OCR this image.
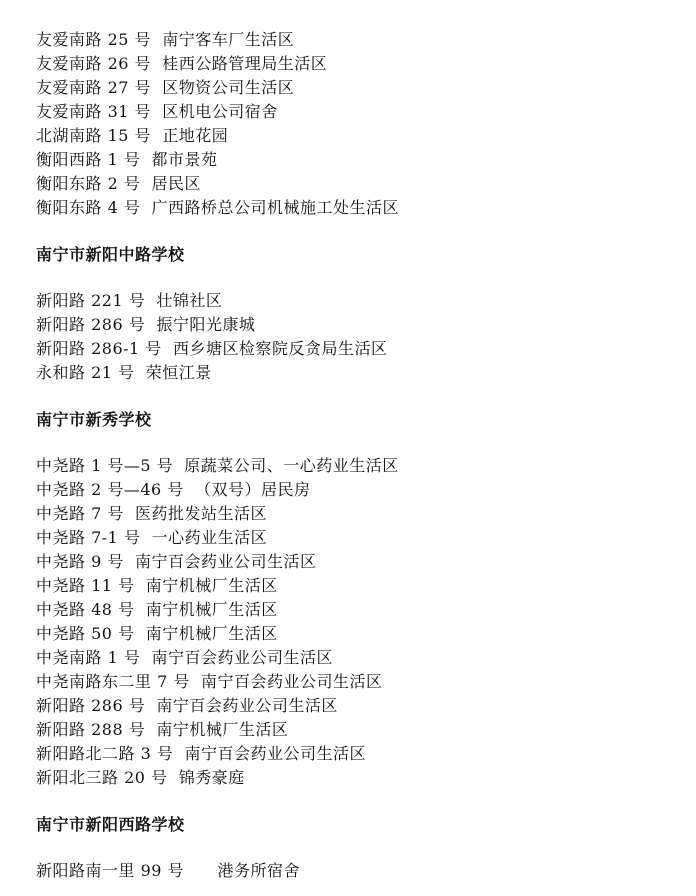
友爱南路 25 号  南宁客车厂生活区
友爱南路 26 号  桂西公路管理局生活区
友爱南路 27 号  区物资公司生活区
友爱南路 31 号  区机电公司宿舍
北湖南路 15 号  正地花园
衡阳西路 1 号  都市景苑
衡阳东路 2 号  居民区
衡阳东路 4 号  广西路桥总公司机械施工处生活区
南宁市新阳中路学校
新阳路 221 号  壮锦社区
新阳路 286 号  振宁阳光康城
新阳路 286-1 号  西乡塘区检察院反贪局生活区
永和路 21 号  荣恒江景
南宁市新秀学校
中尧路 1 号—5 号  原蔬菜公司、一心药业生活区
中尧路 2 号—46 号  （双号）居民房
中尧路 7 号  医药批发站生活区
中尧路 7-1 号  一心药业生活区
中尧路 9 号  南宁百会药业公司生活区
中尧路 11 号  南宁机械厂生活区
中尧路 48 号  南宁机械厂生活区
中尧路 50 号  南宁机械厂生活区
中尧南路 1 号  南宁百会药业公司生活区
中尧南路东二里 7 号  南宁百会药业公司生活区
新阳路 286 号  南宁百会药业公司生活区
新阳路 288 号  南宁机械厂生活区
新阳路北二路 3 号  南宁百会药业公司生活区
新阳北三路 20 号  锦秀豪庭
南宁市新阳西路学校
新阳路南一里 99 号      港务所宿舍
